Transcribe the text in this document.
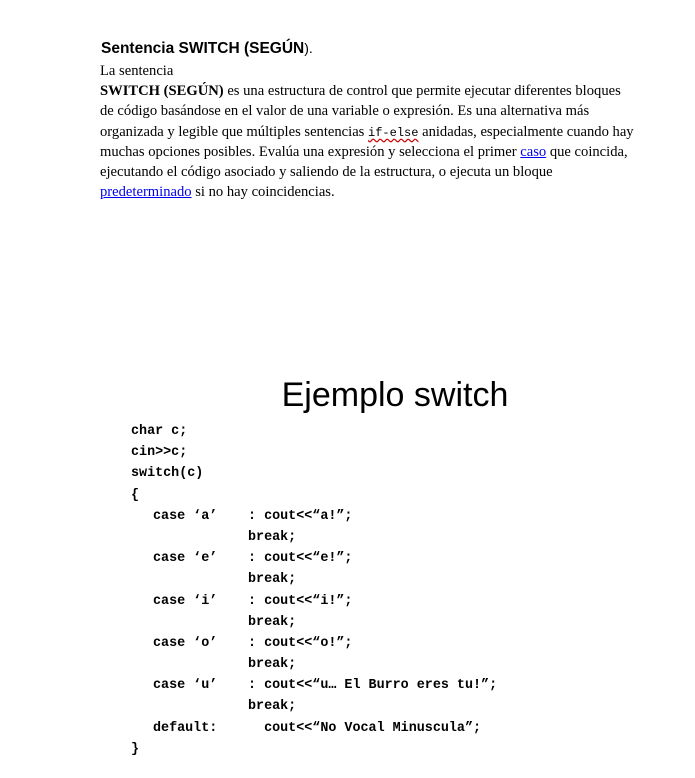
Sentencia SWITCH (SEGÚN).
La sentencia
SWITCH (SEGÚN) es una estructura de control que permite ejecutar diferentes bloques
de código basándose en el valor de una variable o expresión. Es una alternativa más
organizada y legible que múltiples sentencias if-else anidadas, especialmente cuando hay
muchas opciones posibles. Evalúa una expresión y selecciona el primer caso que coincida,
ejecutando el código asociado y saliendo de la estructura, o ejecuta un bloque
predeterminado si no hay coincidencias.
Ejemplo switch
char c;
cin>>c;
switch(c)
{
case ‘a’ : cout<<“a!”;
break;
case ‘e’ : cout<<“e!”;
break;
case ‘i’ : cout<<“i!”;
break;
case ‘o’ : cout<<“o!”;
break;
case ‘u’ : cout<<“u… El Burro eres tu!”;
break;
default:  cout<<“No Vocal Minuscula”;
}
